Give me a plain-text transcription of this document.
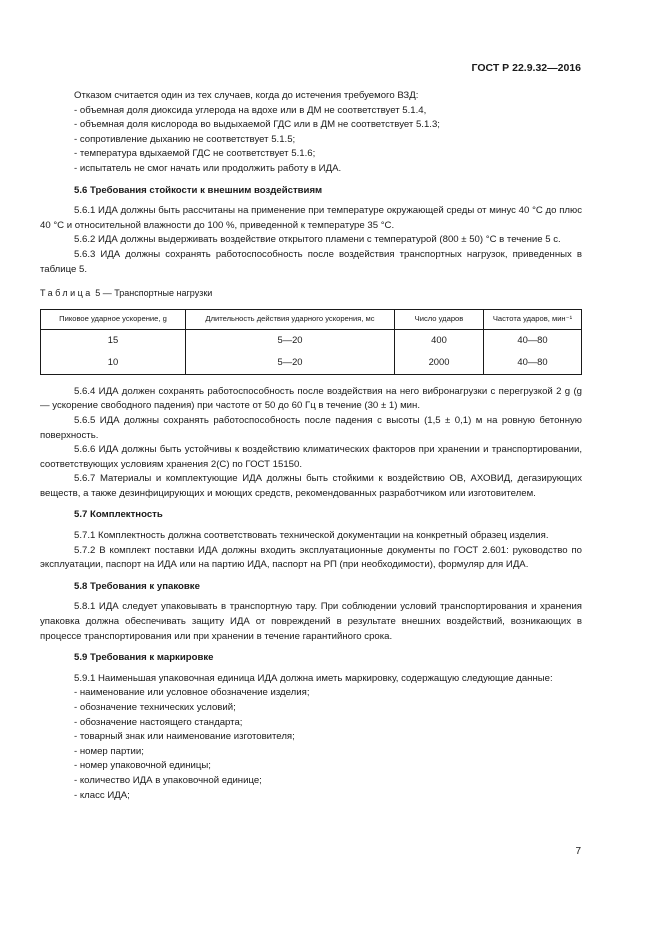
ГОСТ Р 22.9.32—2016

Отказом считается один из тех случаев, когда до истечения требуемого ВЗД:

- объемная доля диоксида углерода на вдохе или в ДМ не соответствует 5.1.4,

- объемная доля кислорода во выдыхаемой ГДС или в ДМ не соответствует 5.1.3;

- сопротивление дыханию не соответствует 5.1.5;

- температура вдыхаемой ГДС не соответствует 5.1.6;

- испытатель не смог начать или продолжить работу в ИДА.

5.6 Требования стойкости к внешним воздействиям

5.6.1 ИДА должны быть рассчитаны на применение при температуре окружающей среды от минус 40 °С до плюс 40 °С и относительной влажности до 100 %, приведенной к температуре 35 °С.

5.6.2 ИДА должны выдерживать воздействие открытого пламени с температурой (800 ± 50) °С в течение 5 с.

5.6.3 ИДА должны сохранять работоспособность после воздействия транспортных нагрузок, приведенных в таблице 5.

Таблица 5 — Транспортные нагрузки
Пиковое ударное ускорение, g	Длительность действия ударного ускорения, мс	Число ударов	Частота ударов, мин⁻¹
15	5—20	400	40—80
10	5—20	2000	40—80

5.6.4 ИДА должен сохранять работоспособность после воздействия на него вибронагрузки с перегрузкой 2 g (g — ускорение свободного падения) при частоте от 50 до 60 Гц в течение (30 ± 1) мин.

5.6.5 ИДА должны сохранять работоспособность после падения с высоты (1,5 ± 0,1) м на ровную бетонную поверхность.

5.6.6 ИДА должны быть устойчивы к воздействию климатических факторов при хранении и транспортировании, соответствующих условиям хранения 2(С) по ГОСТ 15150.

5.6.7 Материалы и комплектующие ИДА должны быть стойкими к воздействию ОВ, АХОВИД, дегазирующих веществ, а также дезинфицирующих и моющих средств, рекомендованных разработчиком или изготовителем.

5.7 Комплектность

5.7.1 Комплектность должна соответствовать технической документации на конкретный образец изделия.

5.7.2 В комплект поставки ИДА должны входить эксплуатационные документы по ГОСТ 2.601: руководство по эксплуатации, паспорт на ИДА или на партию ИДА, паспорт на РП (при необходимости), формуляр для ИДА.

5.8 Требования к упаковке

5.8.1 ИДА следует упаковывать в транспортную тару. При соблюдении условий транспортирования и хранения упаковка должна обеспечивать защиту ИДА от повреждений в результате внешних воздействий, возникающих в процессе транспортирования или при хранении в течение гарантийного срока.

5.9 Требования к маркировке

5.9.1 Наименьшая упаковочная единица ИДА должна иметь маркировку, содержащую следующие данные:

- наименование или условное обозначение изделия;

- обозначение технических условий;

- обозначение настоящего стандарта;

- товарный знак или наименование изготовителя;

- номер партии;

- номер упаковочной единицы;

- количество ИДА в упаковочной единице;

- класс ИДА;

7
